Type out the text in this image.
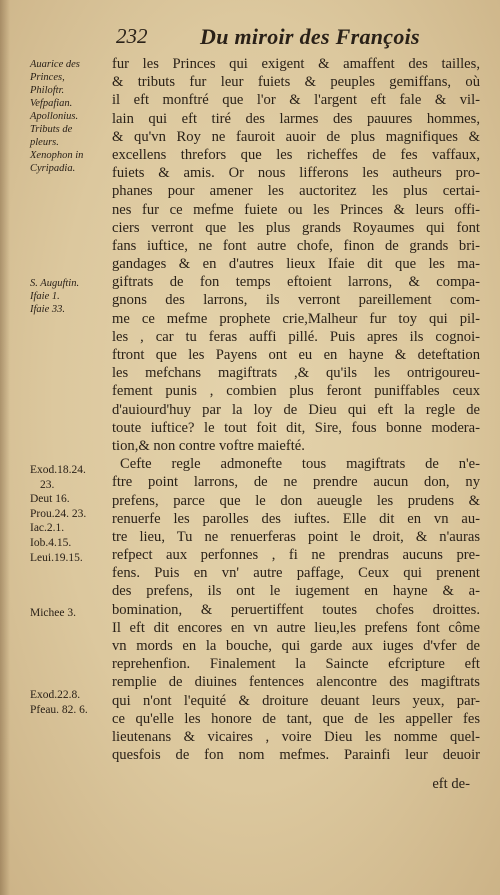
232 Du miroir des François
Auarice des
Princes,
Philoftr.
Vefpafian.
Apollonius.
Tributs de
pleurs.
Xenophon in
Cyripadia.
S. Auguftin.
Ifaie 1.
Ifaie 33.
Exod.18.24.
23.
Deut 16.
Prou.24. 23.
Iac.2.1.
Iob.4.15.
Leui.19.15.
Michee 3.
Exod.22.8.
Pfeau. 82. 6.
fur les Princes qui exigent & amaffent des tailles,
& tributs fur leur fuiets & peuples gemiffans, où
il eft monftré que l'or & l'argent eft fale & vil-
lain qui eft tiré des larmes des pauures hommes,
& qu'vn Roy ne fauroit auoir de plus magnifiques &
excellens threfors que les richeffes de fes vaffaux,
fuiets & amis. Or nous lifferons les autheurs pro-
phanes pour amener les auctoritez les plus certai-
nes fur ce mefme fuiete ou les Princes & leurs offi-
ciers verront que les plus grands Royaumes qui font
fans iuftice, ne font autre chofe, finon de grands bri-
gandages & en d'autres lieux Ifaie dit que les ma-
giftrats de fon temps eftoient larrons, & compa-
gnons des larrons, ils verront pareillement com-
me ce mefme prophete crie,Malheur fur toy qui pil-
les , car tu feras auffi pillé. Puis apres ils cognoi-
ftront que les Payens ont eu en hayne & deteftation
les mefchans magiftrats ,& qu'ils les ontrigoureu-
fement punis , combien plus feront puniffables ceux
d'auiourd'huy par la loy de Dieu qui eft la regle de
toute iuftice? le tout foit dit, Sire, fous bonne modera-
tion,& non contre voftre maiefté.
Cefte regle admonefte tous magiftrats de n'e-
ftre point larrons, de ne prendre aucun don, ny
prefens, parce que le don aueugle les prudens &
renuerfe les parolles des iuftes. Elle dit en vn au-
tre lieu, Tu ne renuerferas point le droit, & n'auras
refpect aux perfonnes , fi ne prendras aucuns pre-
fens. Puis en vn' autre paffage, Ceux qui prenent
des prefens, ils ont le iugement en hayne & a-
bomination, & peruertiffent toutes chofes droittes.
Il eft dit encores en vn autre lieu,les prefens font côme
vn mords en la bouche, qui garde aux iuges d'vfer de
reprehenfion. Finalement la Saincte efcripture eft
remplie de diuines fentences alencontre des magiftrats
qui n'ont l'equité & droiture deuant leurs yeux, par-
ce qu'elle les honore de tant, que de les appeller fes
lieutenans & vicaires , voire Dieu les nomme quel-
quesfois de fon nom mefmes. Parainfi leur deuoir
eft de-
